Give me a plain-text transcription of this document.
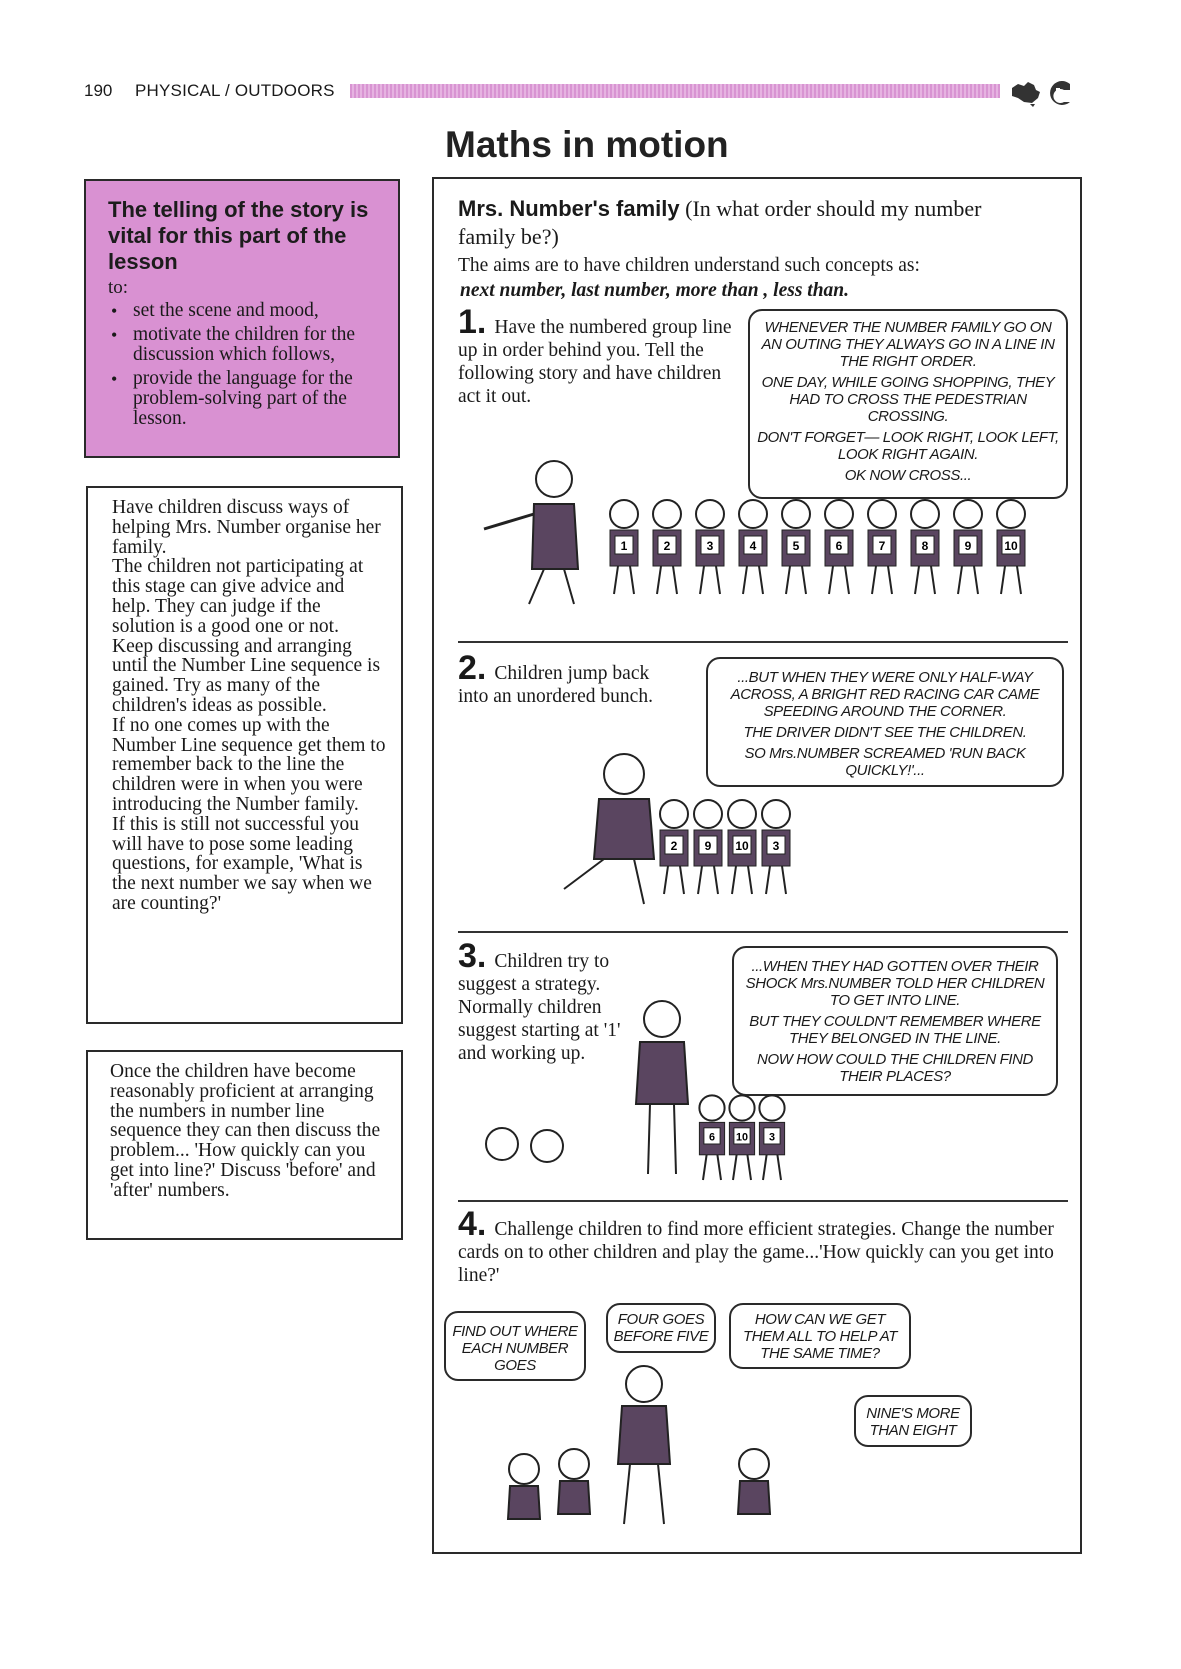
190 PHYSICAL / OUTDOORS
Maths in motion

The telling of the story is vital for this part of the lesson

to:

• set the scene and mood,
• motivate the children for the discussion which follows,
• provide the language for the problem-solving part of the lesson.

Have children discuss ways of helping Mrs. Number organise her family.

The children not participating at this stage can give advice and help. They can judge if the solution is a good one or not.

Keep discussing and arranging until the Number Line sequence is gained. Try as many of the children's ideas as possible.

If no one comes up with the Number Line sequence get them to remember back to the line the children were in when you were introducing the Number family.

If this is still not successful you will have to pose some leading questions, for example, 'What is the next number we say when we are counting?'

Once the children have become reasonably proficient at arranging the numbers in number line sequence they can then discuss the problem... 'How quickly can you get into line?' Discuss 'before' and 'after' numbers.

Mrs. Number's family (In what order should my number family be?)

The aims are to have children understand such concepts as:

next number, last number, more than , less than.

1. Have the numbered group line up in order behind you. Tell the following story and have children act it out.

WHENEVER THE NUMBER FAMILY GO ON AN OUTING THEY ALWAYS GO IN A LINE IN THE RIGHT ORDER.

ONE DAY, WHILE GOING SHOPPING, THEY HAD TO CROSS THE PEDESTRIAN CROSSING.

DON'T FORGET— LOOK RIGHT, LOOK LEFT, LOOK RIGHT AGAIN.

OK NOW CROSS...

1	2	3	4	5	6	7	8	9	10

2. Children jump back into an unordered bunch.

...BUT WHEN THEY WERE ONLY HALF-WAY ACROSS, A BRIGHT RED RACING CAR CAME SPEEDING AROUND THE CORNER.

THE DRIVER DIDN'T SEE THE CHILDREN.

SO Mrs.NUMBER SCREAMED 'RUN BACK QUICKLY!'...

2 9 10 3

3. Children try to suggest a strategy. Normally children suggest starting at '1' and working up.

...WHEN THEY HAD GOTTEN OVER THEIR SHOCK Mrs.NUMBER TOLD HER CHILDREN TO GET INTO LINE.

BUT THEY COULDN'T REMEMBER WHERE THEY BELONGED IN THE LINE.

NOW HOW COULD THE CHILDREN FIND THEIR PLACES?

6 10 3

4. Challenge children to find more efficient strategies. Change the number cards on to other children and play the game...'How quickly can you get into line?'

FIND OUT WHERE EACH NUMBER GOES
FOUR GOES BEFORE FIVE
HOW CAN WE GET THEM ALL TO HELP AT THE SAME TIME?
NINE'S MORE THAN EIGHT
